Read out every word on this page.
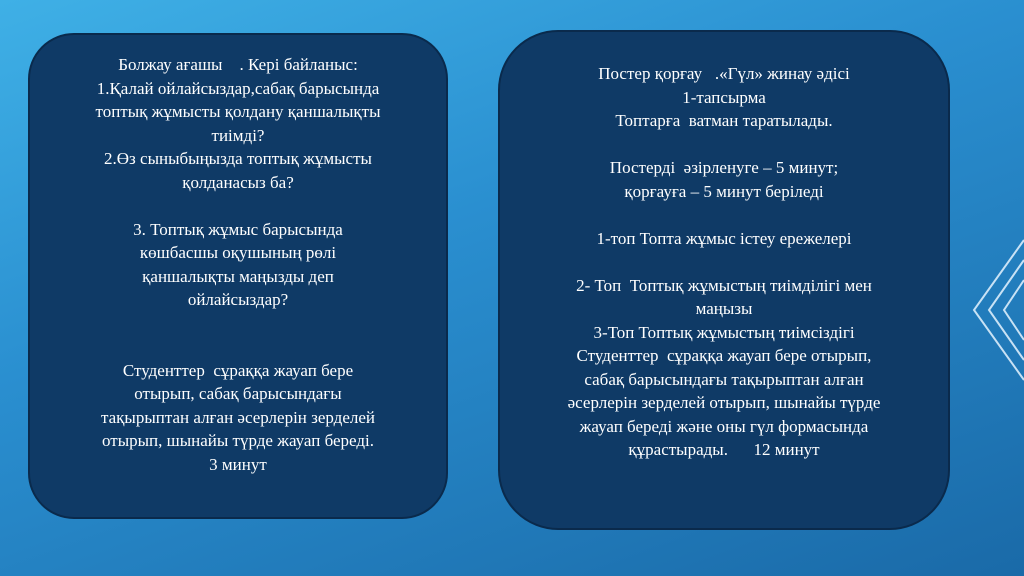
Болжау ағашы    . Кері байланыс:
1.Қалай ойлайсыздар,сабақ барысында
топтық жұмысты қолдану қаншалықты
тиімді?
2.Өз сыныбыңызда топтық жұмысты
қолданасыз ба?
3. Топтық жұмыс барысында
көшбасшы оқушының рөлі
қаншалықты маңызды деп
ойлайсыздар?
Студенттер  сұраққа жауап бере
отырып, сабақ барысындағы
тақырыптан алған әсерлерін зерделей
отырып, шынайы түрде жауап береді.
3 минут
Постер қорғау   .«Гүл» жинау әдісі
1-тапсырма
Топтарға  ватман таратылады.
Постерді  әзірленуге – 5 минут;
қорғауға – 5 минут беріледі
1-топ Топта жұмыс істеу ережелері
2- Топ  Топтық жұмыстың тиімділігі мен
маңызы
3-Топ Топтық жұмыстың тиімсіздігі
Студенттер  сұраққа жауап бере отырып,
сабақ барысындағы тақырыптан алған
әсерлерін зерделей отырып, шынайы түрде
жауап береді және оны гүл формасында
құрастырады.      12 минут
